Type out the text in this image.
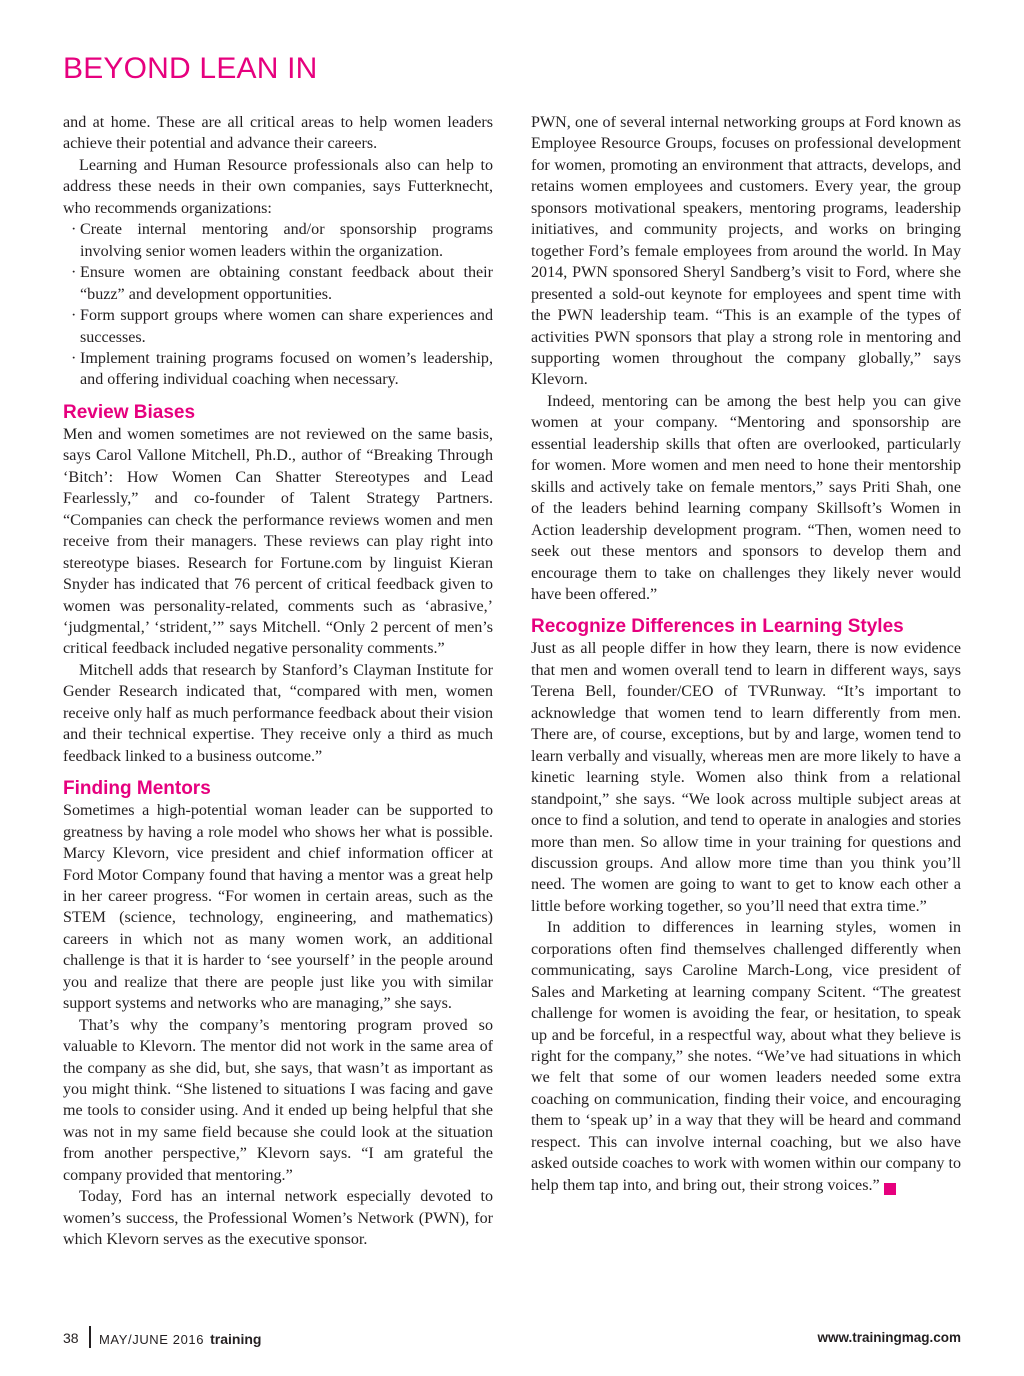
BEYOND LEAN IN

and at home. These are all critical areas to help women leaders achieve their potential and advance their careers.

Learning and Human Resource professionals also can help to address these needs in their own companies, says Futterknecht, who recommends organizations:

· Create internal mentoring and/or sponsorship programs involving senior women leaders within the organization.
· Ensure women are obtaining constant feedback about their “buzz” and development opportunities.
· Form support groups where women can share experiences and successes.
· Implement training programs focused on women’s leadership, and offering individual coaching when necessary.
Review Biases

Men and women sometimes are not reviewed on the same basis, says Carol Vallone Mitchell, Ph.D., author of “Breaking Through ‘Bitch’: How Women Can Shatter Stereotypes and Lead Fearlessly,” and co-founder of Talent Strategy Partners. “Companies can check the performance reviews women and men receive from their managers. These reviews can play right into stereotype biases. Research for Fortune.com by linguist Kieran Snyder has indicated that 76 percent of critical feedback given to women was personality-related, comments such as ‘abrasive,’ ‘judgmental,’ ‘strident,’” says Mitchell. “Only 2 percent of men’s critical feedback included negative personality comments.”

Mitchell adds that research by Stanford’s Clayman Institute for Gender Research indicated that, “compared with men, women receive only half as much performance feedback about their vision and their technical expertise. They receive only a third as much feedback linked to a business outcome.”

Finding Mentors

Sometimes a high-potential woman leader can be supported to greatness by having a role model who shows her what is possible. Marcy Klevorn, vice president and chief information officer at Ford Motor Company found that having a mentor was a great help in her career progress. “For women in certain areas, such as the STEM (science, technology, engineering, and mathematics) careers in which not as many women work, an additional challenge is that it is harder to ‘see yourself’ in the people around you and realize that there are people just like you with similar support systems and networks who are managing,” she says.

That’s why the company’s mentoring program proved so valuable to Klevorn. The mentor did not work in the same area of the company as she did, but, she says, that wasn’t as important as you might think. “She listened to situations I was facing and gave me tools to consider using. And it ended up being helpful that she was not in my same field because she could look at the situation from another perspective,” Klevorn says. “I am grateful the company provided that mentoring.”

Today, Ford has an internal network especially devoted to women’s success, the Professional Women’s Network (PWN), for which Klevorn serves as the executive sponsor.

PWN, one of several internal networking groups at Ford known as Employee Resource Groups, focuses on professional development for women, promoting an environment that attracts, develops, and retains women employees and customers. Every year, the group sponsors motivational speakers, mentoring programs, leadership initiatives, and community projects, and works on bringing together Ford’s female employees from around the world. In May 2014, PWN sponsored Sheryl Sandberg’s visit to Ford, where she presented a sold-out keynote for employees and spent time with the PWN leadership team. “This is an example of the types of activities PWN sponsors that play a strong role in mentoring and supporting women throughout the company globally,” says Klevorn.

Indeed, mentoring can be among the best help you can give women at your company. “Mentoring and sponsorship are essential leadership skills that often are overlooked, particularly for women. More women and men need to hone their mentorship skills and actively take on female mentors,” says Priti Shah, one of the leaders behind learning company Skillsoft’s Women in Action leadership development program. “Then, women need to seek out these mentors and sponsors to develop them and encourage them to take on challenges they likely never would have been offered.”

Recognize Differences in Learning Styles

Just as all people differ in how they learn, there is now evidence that men and women overall tend to learn in different ways, says Terena Bell, founder/CEO of TVRunway. “It’s important to acknowledge that women tend to learn differently from men. There are, of course, exceptions, but by and large, women tend to learn verbally and visually, whereas men are more likely to have a kinetic learning style. Women also think from a relational standpoint,” she says. “We look across multiple subject areas at once to find a solution, and tend to operate in analogies and stories more than men. So allow time in your training for questions and discussion groups. And allow more time than you think you’ll need. The women are going to want to get to know each other a little before working together, so you’ll need that extra time.”

In addition to differences in learning styles, women in corporations often find themselves challenged differently when communicating, says Caroline March-Long, vice president of Sales and Marketing at learning company Scitent. “The greatest challenge for women is avoiding the fear, or hesitation, to speak up and be forceful, in a respectful way, about what they believe is right for the company,” she notes. “We’ve had situations in which we felt that some of our women leaders needed some extra coaching on communication, finding their voice, and encouraging them to ‘speak up’ in a way that they will be heard and command respect. This can involve internal coaching, but we also have asked outside coaches to work with women within our company to help them tap into, and bring out, their strong voices.” t

38 MAY/JUNE 2016 training	www.trainingmag.com
